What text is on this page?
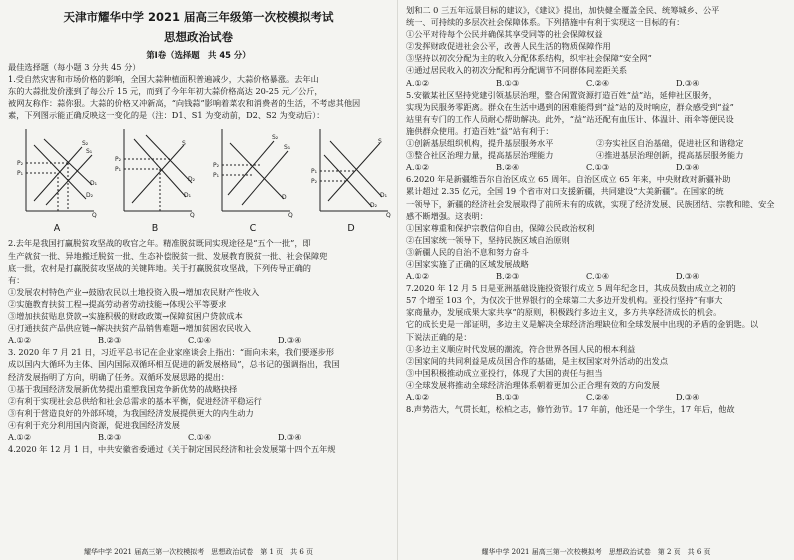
天津市耀华中学 2021 届高三年级第一次校模拟考试
思想政治试卷
第Ⅰ卷（选择题　共 45 分）

最佳选择题（每小题 3 分共 45 分）

1.受自然灾害和市场价格的影响，全国大蒜种植面积普遍减少，大蒜价格暴涨。去年山

东的大蒜批发价涨到了每公斤 15 元，而到了今年年初大蒜价格高达 20-25 元／公斤，

被网友称作：蒜你狠。大蒜的价格又冲新高，“向钱蒜”影响着菜农和消费者的生活，不考虑其他因

素，下列图示能正确反映这一变化的是（注：D1、S1 为变动前，D2、S2 为变动后）：

P₂
P₁
S₂
S₁
D₂
D₁
Q
A
P₂
P₁
S
D₁
D₂
Q
B
P₂
P₁
S₂
S₁
D
Q
C
P₁
P₂
S
D₁
D₂
Q
D

2.去年是我国打赢脱贫攻坚战的收官之年。精准脱贫既同实现途径是“五个一批”，即

生产就贫一批、异地搬迁脱贫一批、生态补偿脱贫一批、发展教育脱贫一批、社会保障兜

底一批，农村是打赢脱贫攻坚战的关键阵地。关于打赢脱贫攻坚战，下列传导正确的

有：

①发展农村特色产业→鼓励农民以土地投资入股→增加农民财产性收入

②实施教育扶贫工程→提高劳动者劳动技能→体现公平等要求

③增加扶贫贴息贷款→实施积极的财政政策→保障贫困户贷款成本

④打通扶贫产品供应链→解决扶贫产品销售难题→增加贫困农民收入

A.①②	B.②③	C.①④	D.③④

3. 2020 年 7 月 21 日，习近平总书记在企业家座谈会上指出：“面向未来，我们要逐步形

成以国内大循环为主体、国内国际双循环相互促进的新发展格局”，总书记的强调指出，我国

经济发展指明了方向，明确了任务。双循环发展思路的提出：

①基于我国经济发展新优势提出重塑我国竞争新优势的战略抉择

②有利于实现社会总供给和社会总需求的基本平衡，促进经济平稳运行

③有利于营造良好的外部环境，为我国经济发展提供更大的内生动力

④有利于充分利用国内资源，促进我国经济发展

A.①②	B.②③	C.①④	D.③④

4.2020 年 12 月 1 日，中共安徽省委通过《关于制定国民经济和社会发展第十四个五年规

耀华中学 2021 届高三第一次校模拟考　思想政治试卷　第 1 页　共 6 页

划和二 0 三五年远景目标的建议》，《建议》提出，加快健全覆盖全民、统筹城乡、公平

统一、可持续的多层次社会保障体系。下列措施中有利于实现这一目标的有：

①公平对待每个公民并确保其享受同等的社会保障权益

②发挥财政促进社会公平，改善人民生活的物质保障作用

③坚持以初次分配为主的收入分配体系结构，织牢社会保障“安全网”

④通过居民收入的初次分配和再分配调节不同群体间差距关系

A.①②	B.①③	C.②④	D.③④

5.安徽某社区坚持党建引领基层治理，整合闲置资源打造百姓“益”站，延伸社区服务，

实现为民服务零距离。群众在生活中遇到的困难能得到“益”站的及时响应，群众感受到“益”

站里有专门的工作人员耐心帮助解决。此外，“益”站还配有血压计、体温计、雨伞等便民设

施供群众使用。打造百姓“益”站有利于：

①创新基层组织机构，提升基层服务水平	②夯实社区自治基础，促进社区和谐稳定
③整合社区治理力量，提高基层治理能力	④推进基层治理创新，提高基层服务能力
A.①②	B.②④	C.①③	D.③④

6.2020 年是新疆维吾尔自治区成立 65 周年。自治区成立 65 年来，中央财政对新疆补助

累计超过 2.35 亿元，全国 19 个省市对口支援新疆，共同建设“大美新疆”。在国家的统

一领导下，新疆的经济社会发展取得了前所未有的成就，实现了经济发展、民族团结、宗教和睦、安全

感不断增强。这表明：

①国家尊重和保护宗教信仰自由，保障公民政治权利

②在国家统一领导下，坚持民族区域自治原则

③新疆人民的自治不息和努力奋斗

④国家实施了正确的区域发展战略

A.①②	B.②③	C.①④	D.③④

7.2020 年 12 月 5 日是亚洲基础设施投资银行成立 5 周年纪念日，其成员数由成立之初的

57 个增至 103 个，为仅次于世界银行的全球第二大多边开发机构。亚投行坚持“有事大

家商量办，发展成果大家共享”的原则，积极践行多边主义，多方共享经济成长的机会。

它的成长史是一部证明，多边主义是解决全球经济治理缺位和全球发展中出现的矛盾的金钥匙。以

下说法正确的是：

①多边主义顺应时代发展的潮流，符合世界各国人民的根本利益

②国家间的共同利益是成员国合作的基础，是主权国家对外活动的出发点

③中国积极推动成立亚投行，体现了大国的责任与担当

④全球发展将推动全球经济治理体系朝着更加公正合理有效的方向发展

A.①②	B.①③	C.②④	D.③④

8.声势浩大，气贯长虹，松柏之志，修竹劲节。17 年前，他还是一个学生，17 年后，他故

耀华中学 2021 届高三第一次校模拟考　思想政治试卷　第 2 页　共 6 页
